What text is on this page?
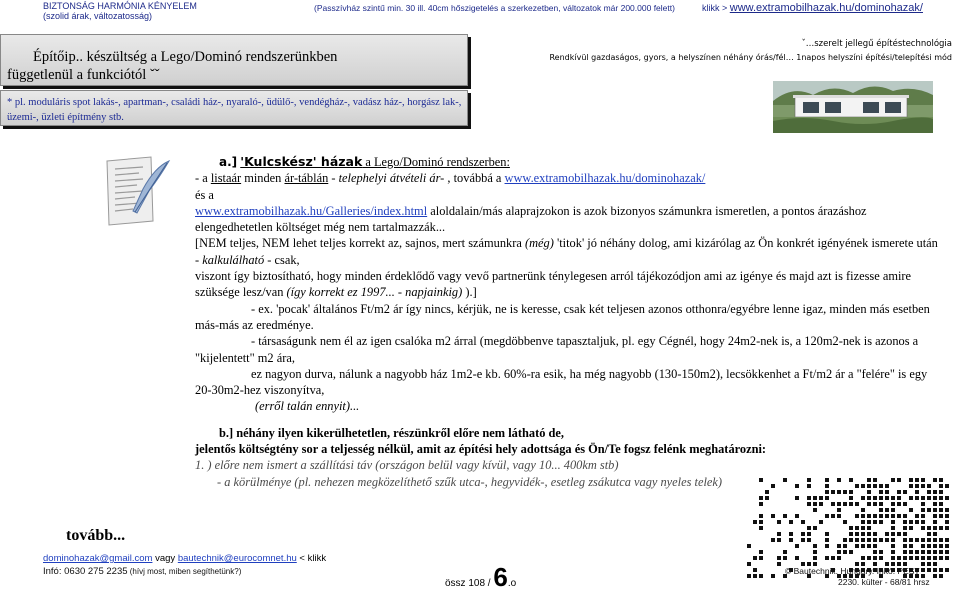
BIZTONSÁG HARMÓNIA KÉNYELEM
(szolid árak, változatosság)
(Passzívház szintű min. 30 ill. 40cm hőszigetelés a szerkezetben, változatok már 200.000 felett)	klikk > www.extramobilhazak.hu/dominohazak/
Építőip.. készültség a Lego/Dominó rendszerünkben
függetlenül a funkciótól ˇˇ
* pl. moduláris spot lakás-, apartman-, családi ház-, nyaraló-, üdülő-, vendégház-, vadász ház-, horgász lak-, üzemi-, üzleti építmény stb.
ˇ…szerelt jellegű építéstechnológia
Rendkívül gazdaságos, gyors, a helyszínen néhány órás/fél… 1napos helyszíni építési/telepítési mód

a.] 'Kulcskész' házak a Lego/Dominó rendszerben:

- a listaár minden ár-táblán - telephelyi átvételi ár- , továbbá a www.extramobilhazak.hu/dominohazak/

és a

www.extramobilhazak.hu/Galleries/index.html aloldalain/más alaprajzokon is azok bizonyos számunkra ismeretlen, a pontos árazáshoz elengedhetetlen költséget még nem tartalmazzák...

[NEM teljes, NEM lehet teljes korrekt az, sajnos, mert számunkra (még) 'titok' jó néhány dolog, ami kizárólag az Ön konkrét igényének ismerete után - kalkulálható - csak,

viszont így biztosítható, hogy minden érdeklődő vagy vevő partnerünk ténylegesen arról tájékozódjon ami az igénye és majd azt is fizesse amire szüksége lesz/van (így korrekt ez 1997... - napjainkig) ).]

- ex. 'pocak' általános Ft/m2 ár így nincs, kérjük, ne is keresse, csak két teljesen azonos otthonra/egyébre lenne igaz, minden más esetben más-más az eredménye.

- társaságunk nem él az igen csalóka m2 árral (megdöbbenve tapasztaljuk, pl. egy Cégnél, hogy 24m2-nek is, a 120m2-nek is azonos a "kijelentett" m2 ára,

ez nagyon durva, nálunk a nagyobb ház 1m2-e kb. 60%-ra esik, ha még nagyobb (130-150m2), lecsökkenhet a Ft/m2 ár a "felére" is egy 20-30m2-hez viszonyítva,

(erről talán ennyit)...

b.] néhány ilyen kikerülhetetlen, részünkről előre nem látható de,

jelentős költségtény sor a teljesség nélkül, amit az építési hely adottsága és Ön/Te fogsz felénk meghatározni:

1. ) előre nem ismert a szállítási táv (országon belül vagy kívül, vagy 10... 400km stb)

- a körülménye (pl. nehezen megközelíthető szűk utca-, hegyvidék-, esetleg zsákutca vagy nyeles telek)

tovább...
dominohazak@gmail.com vagy bautechnik@eurocomnet.hu < klikk
Infó: 0630 275 2235 (hívj most, miben segíthetünk?)
össz 108 / 6.o
© Bautechnik. Hungary. Ihkó: PEST
2230. külter - 68/81 hrsz
